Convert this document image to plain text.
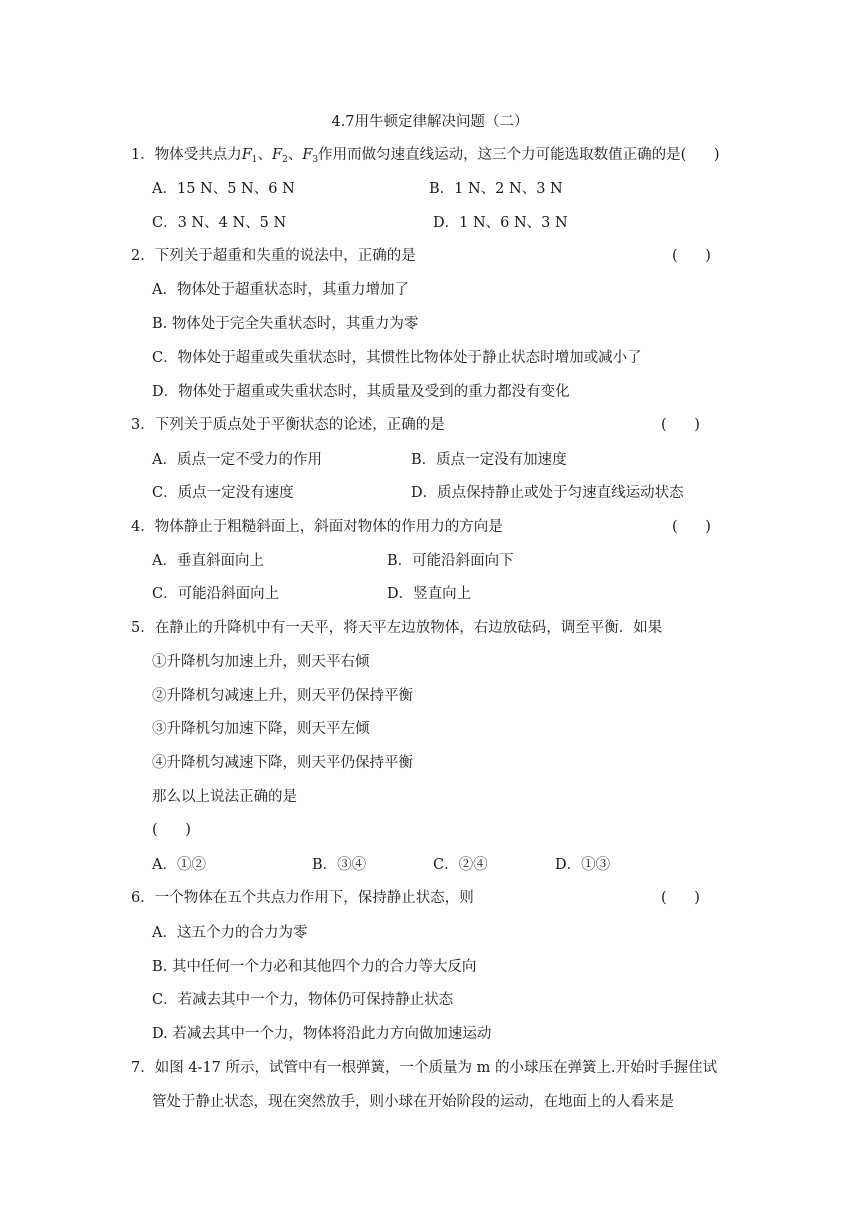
4.7用牛顿定律解决问题（二）
1．物体受共点力$F_1$、$F_2$、$F_3$作用而做匀速直线运动，这三个力可能选取数值正确的是(      )
A．15 N、5 N、6 N	B．1 N、2 N、3 N
C．3 N、4 N、5 N	D．1 N、6 N、3 N
2．下列关于超重和失重的说法中，正确的是	(      )
A．物体处于超重状态时，其重力增加了
B. 物体处于完全失重状态时，其重力为零
C．物体处于超重或失重状态时，其惯性比物体处于静止状态时增加或减小了
D．物体处于超重或失重状态时，其质量及受到的重力都没有变化
3．下列关于质点处于平衡状态的论述，正确的是	(      )
A．质点一定不受力的作用	B．质点一定没有加速度
C．质点一定没有速度	D．质点保持静止或处于匀速直线运动状态
4．物体静止于粗糙斜面上，斜面对物体的作用力的方向是	(      )
A．垂直斜面向上	B．可能沿斜面向下
C．可能沿斜面向上	D．竖直向上
5．在静止的升降机中有一天平，将天平左边放物体，右边放砝码，调至平衡．如果
①升降机匀加速上升，则天平右倾
②升降机匀减速上升，则天平仍保持平衡
③升降机匀加速下降，则天平左倾
④升降机匀减速下降，则天平仍保持平衡
那么以上说法正确的是
(      )
A．①②	B．③④	C．②④	D．①③
6．一个物体在五个共点力作用下，保持静止状态，则	(      )
A．这五个力的合力为零
B. 其中任何一个力必和其他四个力的合力等大反向
C．若减去其中一个力，物体仍可保持静止状态
D. 若减去其中一个力，物体将沿此力方向做加速运动
7．如图 4-17 所示，试管中有一根弹簧，一个质量为 m 的小球压在弹簧上.开始时手握住试
管处于静止状态，现在突然放手，则小球在开始阶段的运动，在地面上的人看来是
